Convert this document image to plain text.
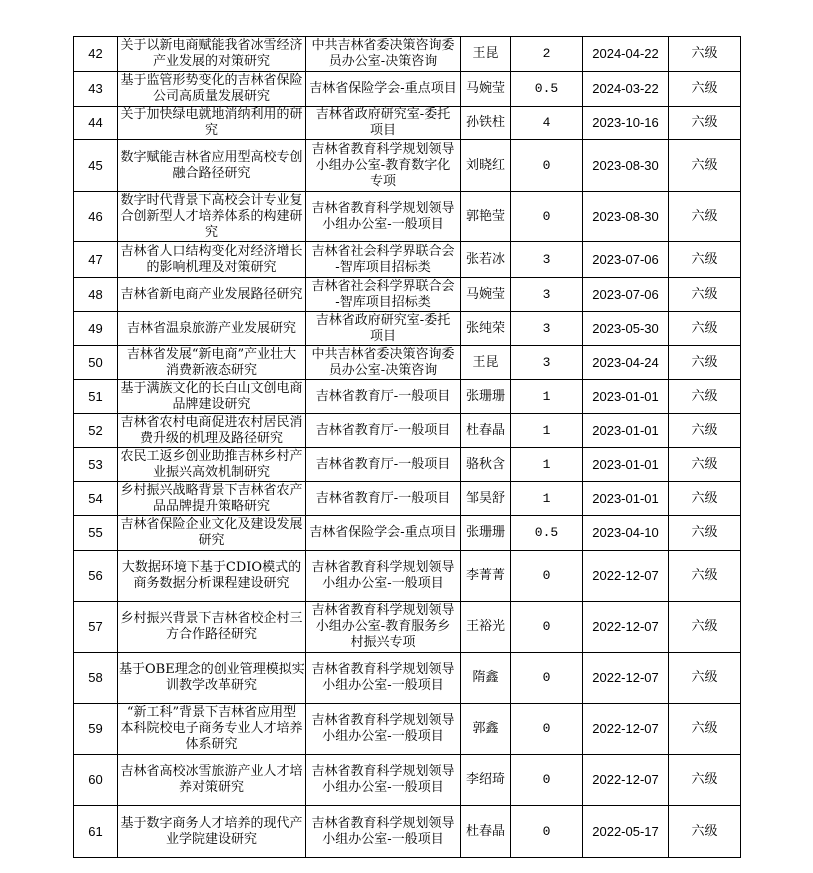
42	关于以新电商赋能我省冰雪经济
产业发展的对策研究	中共吉林省委决策咨询委
员办公室-决策咨询	王昆	2	2024-04-22	六级
43	基于监管形势变化的吉林省保险
公司高质量发展研究	吉林省保险学会-重点项目	马婉莹	0.5	2024-03-22	六级
44	关于加快绿电就地消纳利用的研
究	吉林省政府研究室-委托
项目	孙铁柱	4	2023-10-16	六级
45	数字赋能吉林省应用型高校专创
融合路径研究	吉林省教育科学规划领导
小组办公室-教育数字化
专项	刘晓红	0	2023-08-30	六级
46	数字时代背景下高校会计专业复
合创新型人才培养体系的构建研
究	吉林省教育科学规划领导
小组办公室-一般项目	郭艳莹	0	2023-08-30	六级
47	吉林省人口结构变化对经济增长
的影响机理及对策研究	吉林省社会科学界联合会
-智库项目招标类	张若冰	3	2023-07-06	六级
48	吉林省新电商产业发展路径研究	吉林省社会科学界联合会
-智库项目招标类	马婉莹	3	2023-07-06	六级
49	吉林省温泉旅游产业发展研究	吉林省政府研究室-委托
项目	张纯荣	3	2023-05-30	六级
50	吉林省发展“新电商”产业壮大
消费新液态研究	中共吉林省委决策咨询委
员办公室-决策咨询	王昆	3	2023-04-24	六级
51	基于满族文化的长白山文创电商
品牌建设研究	吉林省教育厅-一般项目	张珊珊	1	2023-01-01	六级
52	吉林省农村电商促进农村居民消
费升级的机理及路径研究	吉林省教育厅-一般项目	杜春晶	1	2023-01-01	六级
53	农民工返乡创业助推吉林乡村产
业振兴高效机制研究	吉林省教育厅-一般项目	骆秋含	1	2023-01-01	六级
54	乡村振兴战略背景下吉林省农产
品品牌提升策略研究	吉林省教育厅-一般项目	邹昊舒	1	2023-01-01	六级
55	吉林省保险企业文化及建设发展
研究	吉林省保险学会-重点项目	张珊珊	0.5	2023-04-10	六级
56	大数据环境下基于CDIO模式的
商务数据分析课程建设研究	吉林省教育科学规划领导
小组办公室-一般项目	李菁菁	0	2022-12-07	六级
57	乡村振兴背景下吉林省校企村三
方合作路径研究	吉林省教育科学规划领导
小组办公室-教育服务乡
村振兴专项	王裕光	0	2022-12-07	六级
58	基于OBE理念的创业管理模拟实
训教学改革研究	吉林省教育科学规划领导
小组办公室-一般项目	隋鑫	0	2022-12-07	六级
59	“新工科”背景下吉林省应用型
本科院校电子商务专业人才培养
体系研究	吉林省教育科学规划领导
小组办公室-一般项目	郭鑫	0	2022-12-07	六级
60	吉林省高校冰雪旅游产业人才培
养对策研究	吉林省教育科学规划领导
小组办公室-一般项目	李绍琦	0	2022-12-07	六级
61	基于数字商务人才培养的现代产
业学院建设研究	吉林省教育科学规划领导
小组办公室-一般项目	杜春晶	0	2022-05-17	六级
